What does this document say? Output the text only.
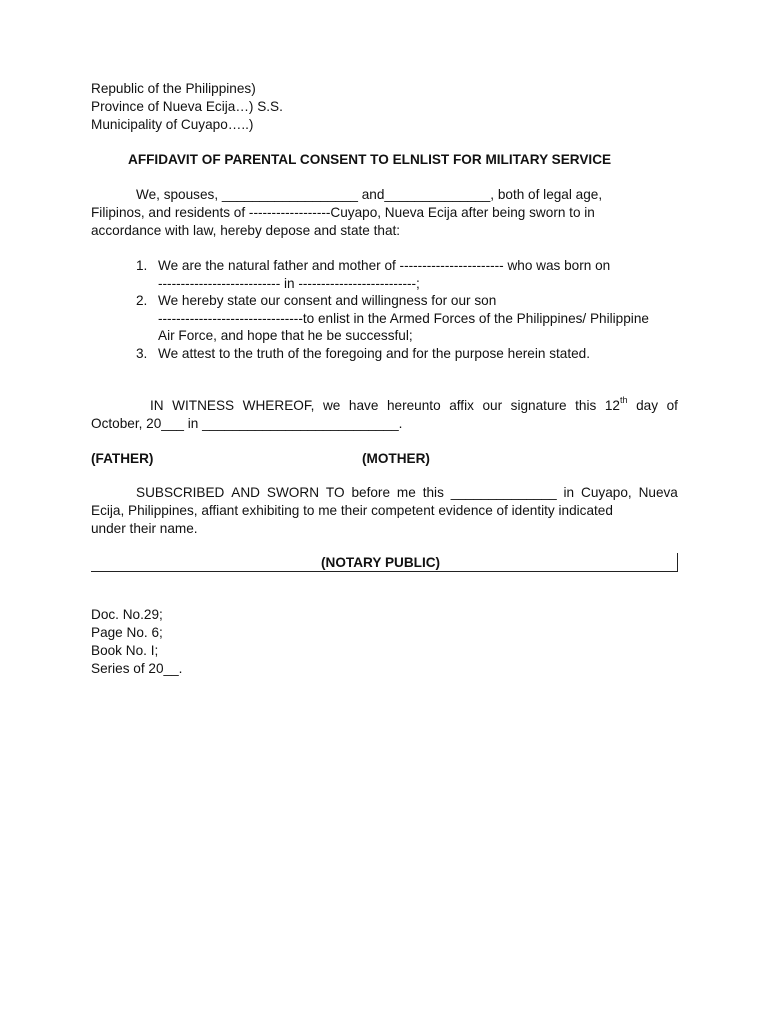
Republic of the Philippines)
Province of Nueva Ecija…) S.S.
Municipality of Cuyapo…..)
AFFIDAVIT OF PARENTAL CONSENT TO ELNLIST FOR MILITARY SERVICE
We, spouses, __________________ and______________, both of legal age,
Filipinos, and residents of ------------------Cuyapo, Nueva Ecija after being sworn to in
accordance with law, hereby depose and state that:
1. We are the natural father and mother of ----------------------- who was born on
--------------------------- in --------------------------;
2. We hereby state our consent and willingness for our son
--------------------------------to enlist in the Armed Forces of the Philippines/ Philippine
Air Force, and hope that he be successful;
3. We attest to the truth of the foregoing and for the purpose herein stated.
IN WITNESS WHEREOF, we have hereunto affix our signature this 12th day of
October, 20___ in __________________________.
(FATHER)	(MOTHER)
SUBSCRIBED AND SWORN TO before me this ______________ in Cuyapo, Nueva
Ecija, Philippines, affiant exhibiting to me their competent evidence of identity indicated
under their name.
(NOTARY PUBLIC)
Doc. No.29;
Page No. 6;
Book No. I;
Series of 20__.
